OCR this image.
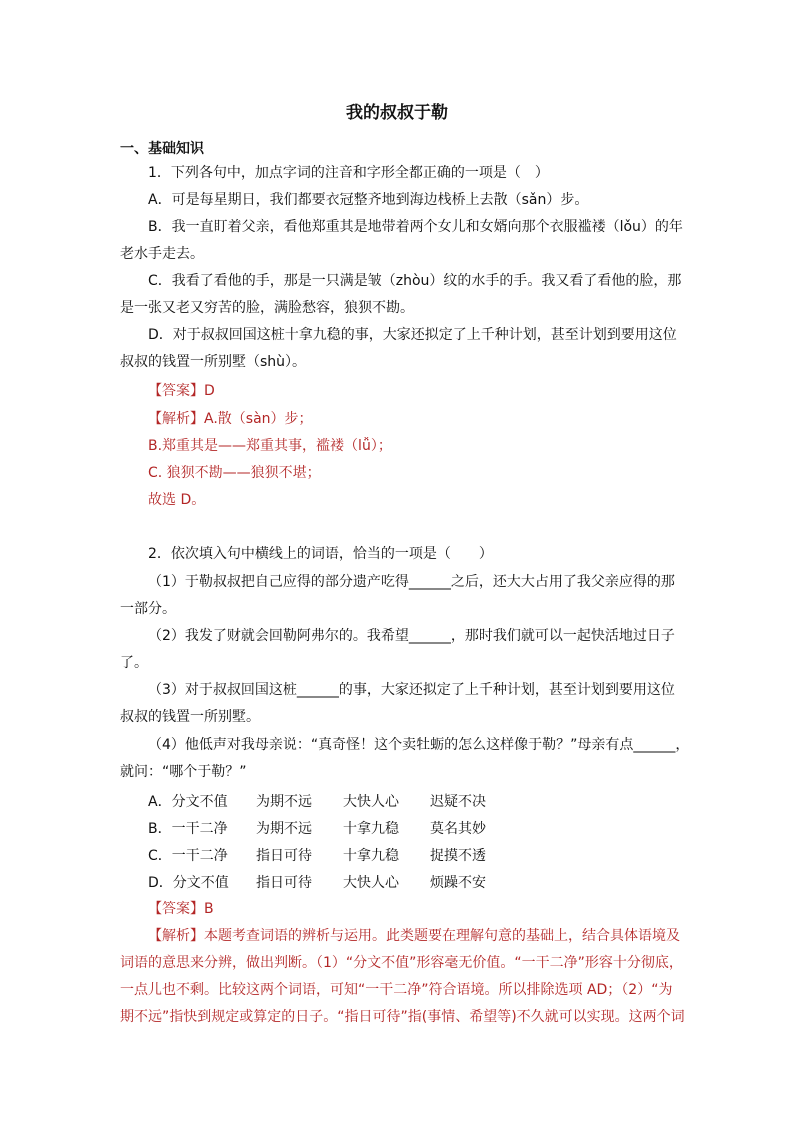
我的叔叔于勒
一、基础知识
1．下列各句中，加点字词的注音和字形全都正确的一项是（　）
A．可是每星期日，我们都要衣冠整齐地到海边栈桥上去散（sǎn）步。
B．我一直盯着父亲，看他郑重其是地带着两个女儿和女婿向那个衣服褴褛（lǒu）的年
老水手走去。
C．我看了看他的手，那是一只满是皱（zhòu）纹的水手的手。我又看了看他的脸，那
是一张又老又穷苦的脸，满脸愁容，狼狈不勘。
D．对于叔叔回国这桩十拿九稳的事，大家还拟定了上千种计划，甚至计划到要用这位
叔叔的钱置一所别墅（shù）。
【答案】D
【解析】A.散（sàn）步；
B.郑重其是——郑重其事，褴褛（lǚ）；
C. 狼狈不勘——狼狈不堪；
故选 D。
2．依次填入句中横线上的词语，恰当的一项是（　　）
（1）于勒叔叔把自己应得的部分遗产吃得______之后，还大大占用了我父亲应得的那
一部分。
（2）我发了财就会回勒阿弗尔的。我希望______，那时我们就可以一起快活地过日子
了。
（3）对于叔叔回国这桩______的事，大家还拟定了上千种计划，甚至计划到要用这位
叔叔的钱置一所别墅。
（4）他低声对我母亲说：“真奇怪！这个卖牡蛎的怎么这样像于勒？”母亲有点______，
就问：“哪个于勒？”
A．分文不值 为期不远 大快人心 迟疑不决
B．一干二净 为期不远 十拿九稳 莫名其妙
C．一干二净 指日可待 十拿九稳 捉摸不透
D．分文不值 指日可待 大快人心 烦躁不安
【答案】B
【解析】本题考查词语的辨析与运用。此类题要在理解句意的基础上，结合具体语境及
词语的意思来分辨，做出判断。（1）“分文不值”形容毫无价值。“一干二净”形容十分彻底，
一点儿也不剩。比较这两个词语，可知“一干二净”符合语境。所以排除选项 AD；（2）“为
期不远”指快到规定或算定的日子。“指日可待”指(事情、希望等)不久就可以实现。这两个词
